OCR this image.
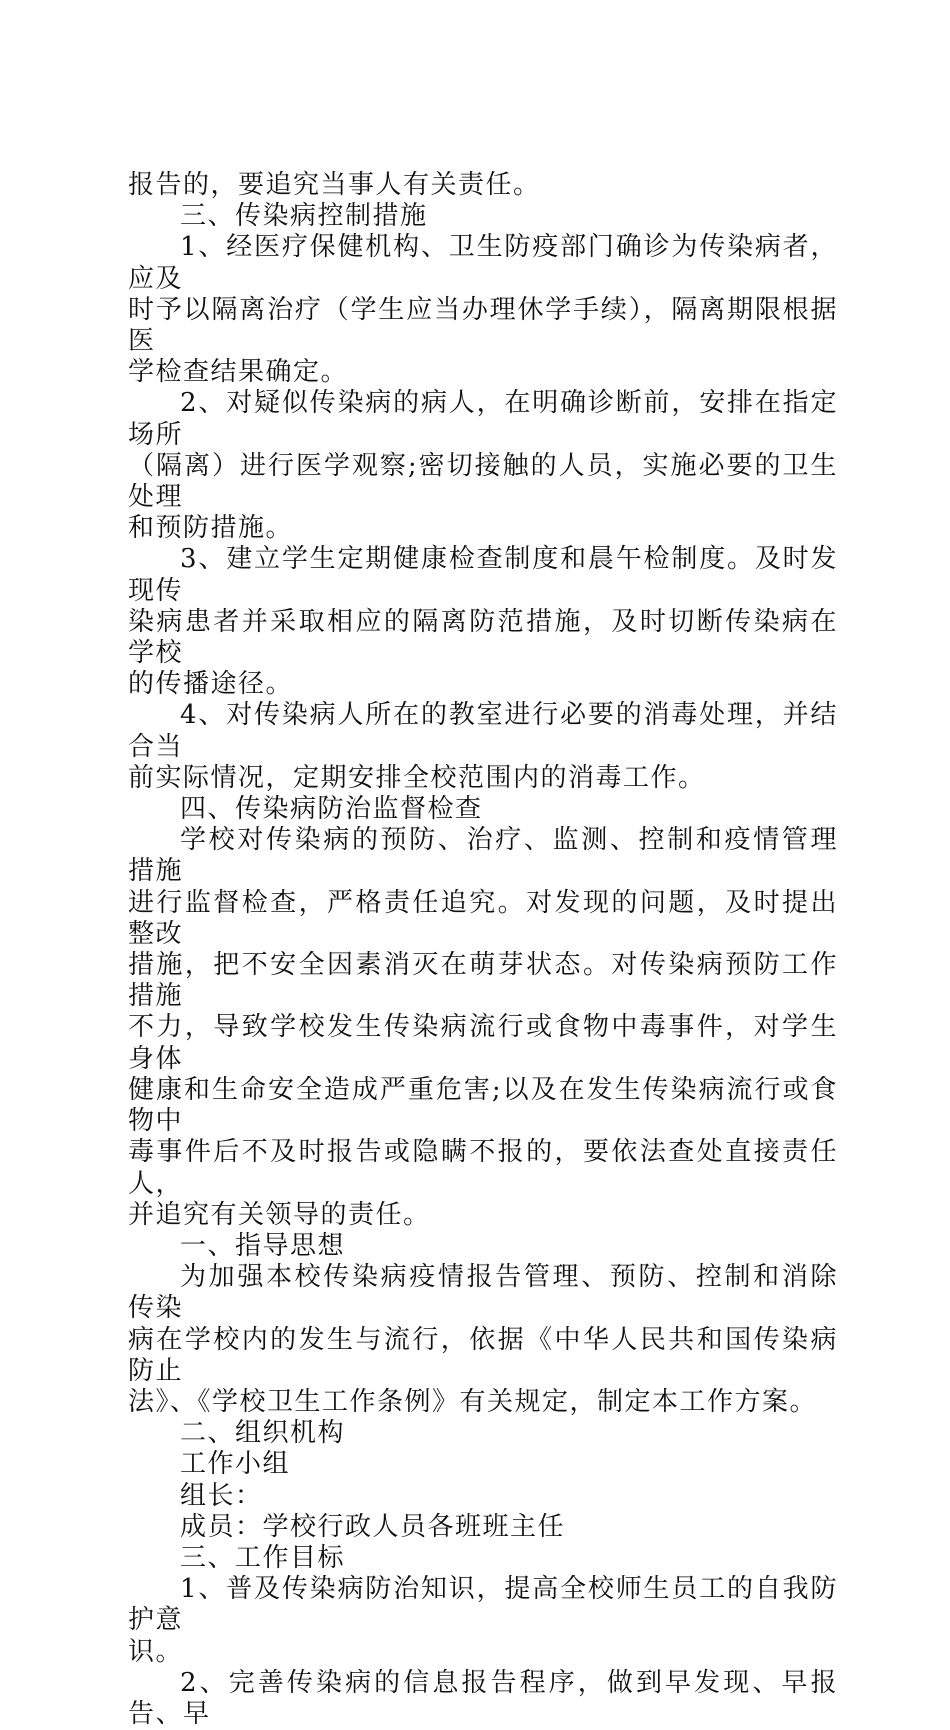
报告的，要追究当事人有关责任。
三、传染病控制措施
1、经医疗保健机构、卫生防疫部门确诊为传染病者，应及
时予以隔离治疗（学生应当办理休学手续），隔离期限根据医
学检查结果确定。
2、对疑似传染病的病人，在明确诊断前，安排在指定场所
（隔离）进行医学观察;密切接触的人员，实施必要的卫生处理
和预防措施。
3、建立学生定期健康检查制度和晨午检制度。及时发现传
染病患者并采取相应的隔离防范措施，及时切断传染病在学校
的传播途径。
4、对传染病人所在的教室进行必要的消毒处理，并结合当
前实际情况，定期安排全校范围内的消毒工作。
四、传染病防治监督检查
学校对传染病的预防、治疗、监测、控制和疫情管理措施
进行监督检查，严格责任追究。对发现的问题，及时提出整改
措施，把不安全因素消灭在萌芽状态。对传染病预防工作措施
不力，导致学校发生传染病流行或食物中毒事件，对学生身体
健康和生命安全造成严重危害;以及在发生传染病流行或食物中
毒事件后不及时报告或隐瞒不报的，要依法查处直接责任人，
并追究有关领导的责任。
一、指导思想
为加强本校传染病疫情报告管理、预防、控制和消除传染
病在学校内的发生与流行，依据《中华人民共和国传染病防止
法》、《学校卫生工作条例》有关规定，制定本工作方案。
二、组织机构
工作小组
组长：
成员：学校行政人员各班班主任
三、工作目标
1、普及传染病防治知识，提高全校师生员工的自我防护意
识。
2、完善传染病的信息报告程序，做到早发现、早报告、早
